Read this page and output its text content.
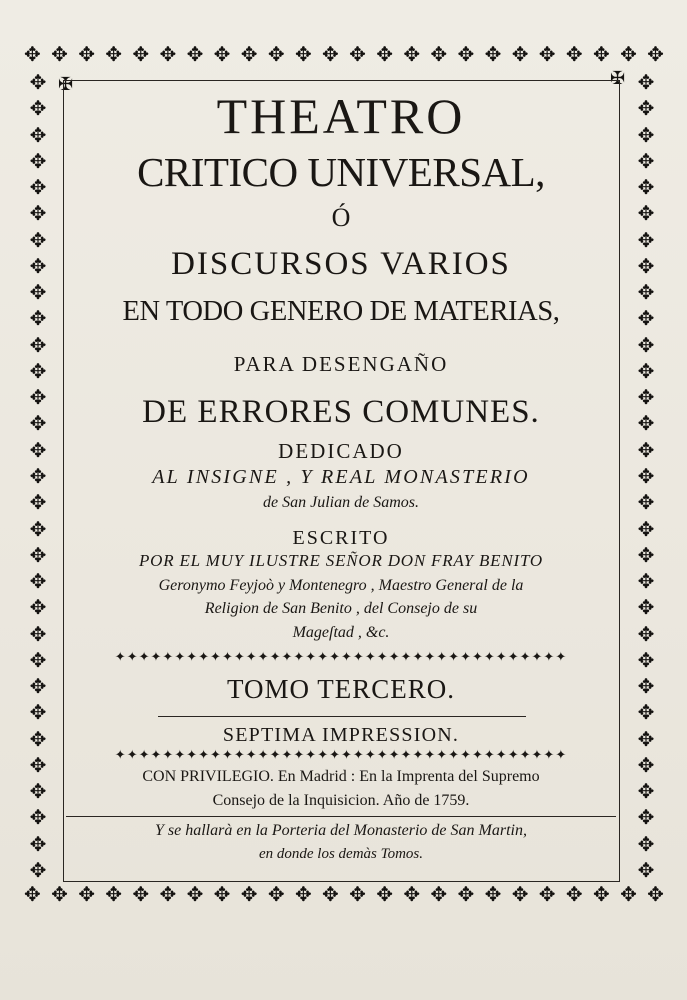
✥ ✥ ✥ ✥ ✥ ✥ ✥ ✥ ✥ ✥ ✥ ✥ ✥ ✥ ✥ ✥ ✥ ✥ ✥ ✥ ✥ ✥ ✥ ✥
✥ ✥ ✥ ✥ ✥ ✥ ✥ ✥ ✥ ✥ ✥ ✥ ✥ ✥ ✥ ✥ ✥ ✥ ✥ ✥ ✥ ✥ ✥ ✥
✥
✥
✥
✥
✥
✥
✥
✥
✥
✥
✥
✥
✥
✥
✥
✥
✥
✥
✥
✥
✥
✥
✥
✥
✥
✥
✥
✥
✥
✥
✥
✥
✥
✥
✥
✥
✥
✥
✥
✥
✥
✥
✥
✥
✥
✥
✥
✥
✥
✥
✥
✥
✥
✥
✥
✥
✥
✥
✥
✥
✥
✥
✠	✠
THEATRO
CRITICO UNIVERSAL,
Ó
DISCURSOS VARIOS
EN TODO GENERO DE MATERIAS,
PARA DESENGAÑO
DE ERRORES COMUNES.
DEDICADO
AL INSIGNE , Y REAL MONASTERIO
de San Julian de Samos.
ESCRITO
POR EL MUY ILUSTRE SEÑOR DON FRAY BENITO
Geronymo Feyjoò y Montenegro , Maestro General de la
Religion de San Benito , del Consejo de su
Mageſtad , &c.
✦✦✦✦✦✦✦✦✦✦✦✦✦✦✦✦✦✦✦✦✦✦✦✦✦✦✦✦✦✦✦✦✦✦✦✦✦✦
TOMO TERCERO.
SEPTIMA IMPRESSION.
✦✦✦✦✦✦✦✦✦✦✦✦✦✦✦✦✦✦✦✦✦✦✦✦✦✦✦✦✦✦✦✦✦✦✦✦✦✦
CON PRIVILEGIO. En Madrid : En la Imprenta del Supremo
Consejo de la Inquisicion. Año de 1759.
Y se hallarà en la Porteria del Monasterio de San Martin,
en donde los demàs Tomos.
